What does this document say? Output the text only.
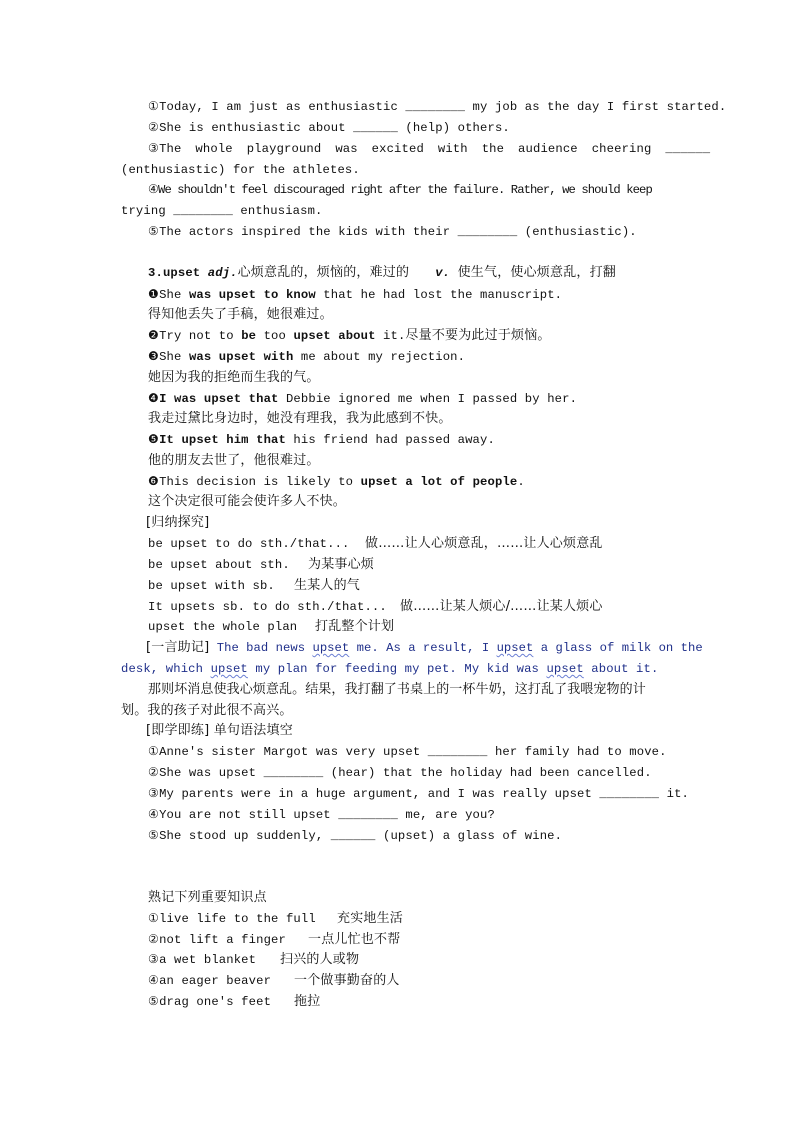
①Today, I am just as enthusiastic ________ my job as the day I first started.
②She is enthusiastic about ______ (help) others.
③The whole playground was excited with the audience cheering ______
(enthusiastic) for the athletes.
④We shouldn't feel discouraged right after the failure. Rather, we should keep
trying ________ enthusiasm.
⑤The actors inspired the kids with their ________ (enthusiastic).
3.upset adj.心烦意乱的，烦恼的，难过的 v. 使生气，使心烦意乱，打翻
❶She was upset to know that he had lost the manuscript.
得知他丢失了手稿，她很难过。
❷Try not to be too upset about it.尽量不要为此过于烦恼。
❸She was upset with me about my rejection.
她因为我的拒绝而生我的气。
❹I was upset that Debbie ignored me when I passed by her.
我走过黛比身边时，她没有理我，我为此感到不快。
❺It upset him that his friend had passed away.
他的朋友去世了，他很难过。
❻This decision is likely to upset a lot of people.
这个决定很可能会使许多人不快。
[归纳探究]
be upset to do sth./that... 做……让人心烦意乱，……让人心烦意乱
be upset about sth. 为某事心烦
be upset with sb. 生某人的气
It upsets sb. to do sth./that... 做……让某人烦心/……让某人烦心
upset the whole plan 打乱整个计划
[一言助记] The bad news upset me. As a result, I upset a glass of milk on the
desk, which upset my plan for feeding my pet. My kid was upset about it.
那则坏消息使我心烦意乱。结果，我打翻了书桌上的一杯牛奶，这打乱了我喂宠物的计
划。我的孩子对此很不高兴。
[即学即练] 单句语法填空
①Anne's sister Margot was very upset ________ her family had to move.
②She was upset ________ (hear) that the holiday had been cancelled.
③My parents were in a huge argument, and I was really upset ________ it.
④You are not still upset ________ me, are you?
⑤She stood up suddenly, ______ (upset) a glass of wine.
熟记下列重要知识点
①live life to the full 充实地生活
②not lift a finger 一点儿忙也不帮
③a wet blanket 扫兴的人或物
④an eager beaver 一个做事勤奋的人
⑤drag one's feet 拖拉
